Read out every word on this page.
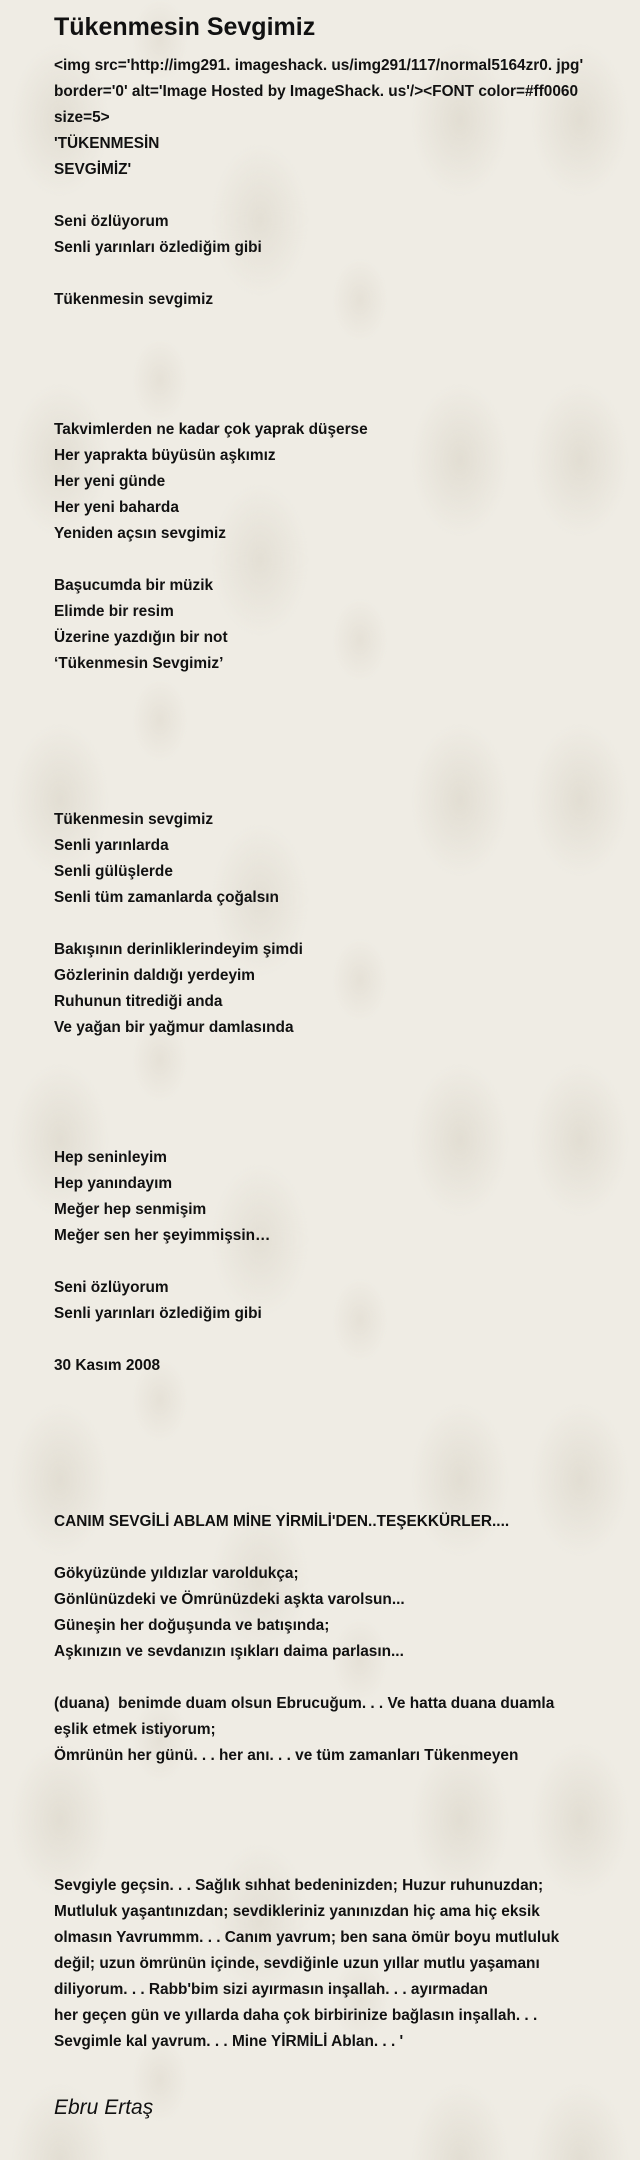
Tükenmesin Sevgimiz
<img src='http://img291. imageshack. us/img291/117/normal5164zr0. jpg'
border='0' alt='Image Hosted by ImageShack. us'/><FONT color=#ff0060
size=5>
'TÜKENMESİN
SEVGİMİZ'
Seni özlüyorum
Senli yarınları özlediğim gibi
Tükenmesin sevgimiz
Takvimlerden ne kadar çok yaprak düşerse
Her yaprakta büyüsün aşkımız
Her yeni günde
Her yeni baharda
Yeniden açsın sevgimiz
Başucumda bir müzik
Elimde bir resim
Üzerine yazdığın bir not
‘Tükenmesin Sevgimiz’
Tükenmesin sevgimiz
Senli yarınlarda
Senli gülüşlerde
Senli tüm zamanlarda çoğalsın
Bakışının derinliklerindeyim şimdi
Gözlerinin daldığı yerdeyim
Ruhunun titrediği anda
Ve yağan bir yağmur damlasında
Hep seninleyim
Hep yanındayım
Meğer hep senmişim
Meğer sen her şeyimmişsin…
Seni özlüyorum
Senli yarınları özlediğim gibi
30 Kasım 2008
CANIM SEVGİLİ ABLAM MİNE YİRMİLİ'DEN..TEŞEKKÜRLER....
Gökyüzünde yıldızlar varoldukça;
Gönlünüzdeki ve Ömrünüzdeki aşkta varolsun...
Güneşin her doğuşunda ve batışında;
Aşkınızın ve sevdanızın ışıkları daima parlasın...
(duana)  benimde duam olsun Ebrucuğum. . . Ve hatta duana duamla
eşlik etmek istiyorum;
Ömrünün her günü. . . her anı. . . ve tüm zamanları Tükenmeyen
Sevgiyle geçsin. . . Sağlık sıhhat bedeninizden; Huzur ruhunuzdan;
Mutluluk yaşantınızdan; sevdikleriniz yanınızdan hiç ama hiç eksik
olmasın Yavrummm. . . Canım yavrum; ben sana ömür boyu mutluluk
değil; uzun ömrünün içinde, sevdiğinle uzun yıllar mutlu yaşamanı
diliyorum. . . Rabb'bim sizi ayırmasın inşallah. . . ayırmadan
her geçen gün ve yıllarda daha çok birbirinize bağlasın inşallah. . .
Sevgimle kal yavrum. . . Mine YİRMİLİ Ablan. . . '
Ebru Ertaş
